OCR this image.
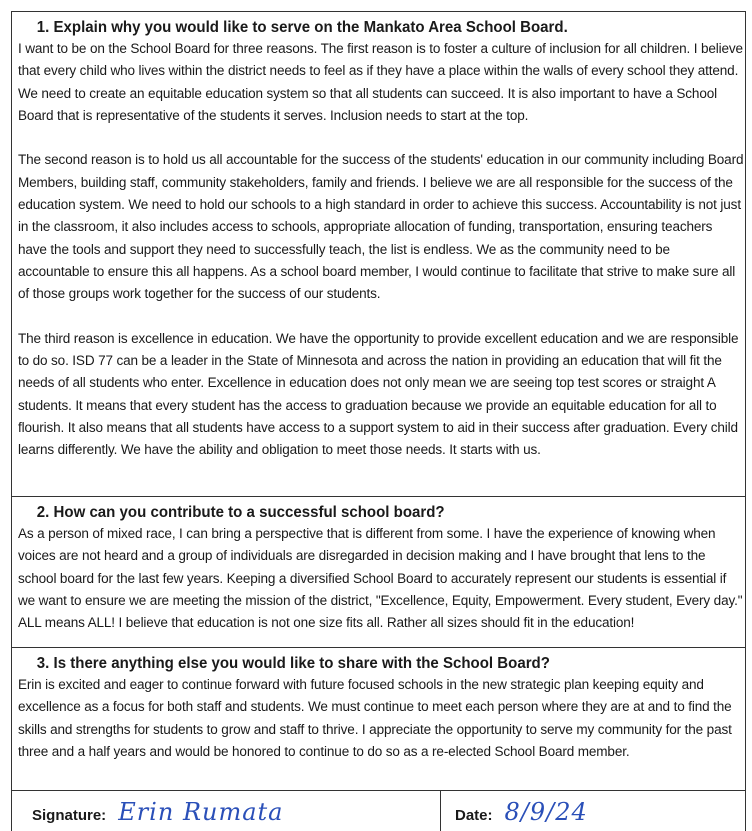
1. Explain why you would like to serve on the Mankato Area School Board.

I want to be on the School Board for three reasons. The first reason is to foster a culture of inclusion for all children. I believe that every child who lives within the district needs to feel as if they have a place within the walls of every school they attend. We need to create an equitable education system so that all students can succeed. It is also important to have a School Board that is representative of the students it serves. Inclusion needs to start at the top.

The second reason is to hold us all accountable for the success of the students' education in our community including Board Members, building staff, community stakeholders, family and friends. I believe we are all responsible for the success of the education system. We need to hold our schools to a high standard in order to achieve this success. Accountability is not just in the classroom, it also includes access to schools, appropriate allocation of funding, transportation, ensuring teachers have the tools and support they need to successfully teach, the list is endless. We as the community need to be accountable to ensure this all happens. As a school board member, I would continue to facilitate that strive to make sure all of those groups work together for the success of our students.

The third reason is excellence in education. We have the opportunity to provide excellent education and we are responsible to do so. ISD 77 can be a leader in the State of Minnesota and across the nation in providing an education that will fit the needs of all students who enter. Excellence in education does not only mean we are seeing top test scores or straight A students. It means that every student has the access to graduation because we provide an equitable education for all to flourish. It also means that all students have access to a support system to aid in their success after graduation. Every child learns differently. We have the ability and obligation to meet those needs. It starts with us.

2. How can you contribute to a successful school board?

As a person of mixed race, I can bring a perspective that is different from some. I have the experience of knowing when voices are not heard and a group of individuals are disregarded in decision making and I have brought that lens to the school board for the last few years. Keeping a diversified School Board to accurately represent our students is essential if we want to ensure we are meeting the mission of the district, "Excellence, Equity, Empowerment. Every student, Every day." ALL means ALL! I believe that education is not one size fits all. Rather all sizes should fit in the education!

3. Is there anything else you would like to share with the School Board?

Erin is excited and eager to continue forward with future focused schools in the new strategic plan keeping equity and excellence as a focus for both staff and students. We must continue to meet each person where they are at and to find the skills and strengths for students to grow and staff to thrive. I appreciate the opportunity to serve my community for the past three and a half years and would be honored to continue to do so as a re-elected School Board member.

Signature: Erin Rumata	Date: 8/9/24
